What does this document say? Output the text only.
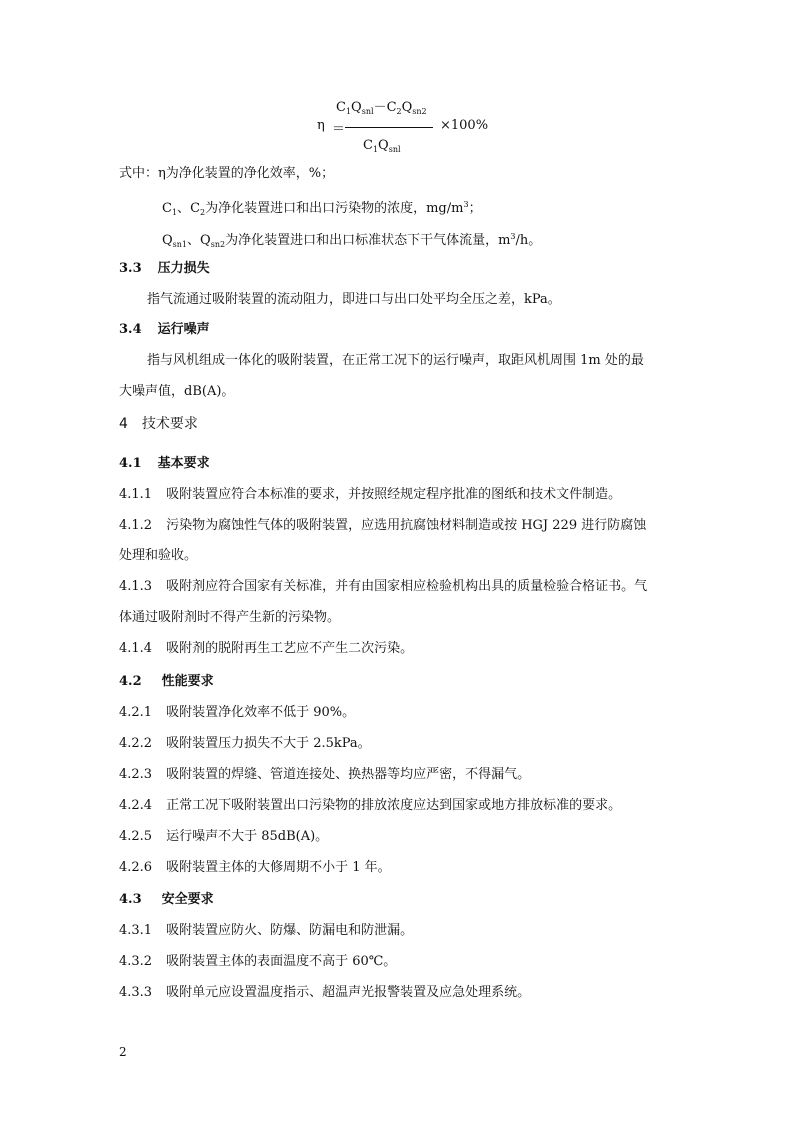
η ＝
$C_1Q_{snl}-C_2Q_{sn2}$
$C_1Q_{snl}$
×100%
式中：η为净化装置的净化效率，%；
$C_1$、$C_2$为净化装置进口和出口污染物的浓度，$mg/m^3$；
$Q_{sn1}$、$Q_{sn2}$为净化装置进口和出口标准状态下干气体流量，$m^3/h$。
3.3 压力损失
指气流通过吸附装置的流动阻力，即进口与出口处平均全压之差，kPa。
3.4 运行噪声
指与风机组成一体化的吸附装置，在正常工况下的运行噪声，取距风机周围 1m 处的最
大噪声值，dB(A)。
4 技术要求
4.1 基本要求
4.1.1 吸附装置应符合本标准的要求，并按照经规定程序批准的图纸和技术文件制造。
4.1.2 污染物为腐蚀性气体的吸附装置，应选用抗腐蚀材料制造或按 HGJ 229 进行防腐蚀
处理和验收。
4.1.3 吸附剂应符合国家有关标准，并有由国家相应检验机构出具的质量检验合格证书。气
体通过吸附剂时不得产生新的污染物。
4.1.4 吸附剂的脱附再生工艺应不产生二次污染。
4.2 性能要求
4.2.1 吸附装置净化效率不低于 90%。
4.2.2 吸附装置压力损失不大于 2.5kPa。
4.2.3 吸附装置的焊缝、管道连接处、换热器等均应严密，不得漏气。
4.2.4 正常工况下吸附装置出口污染物的排放浓度应达到国家或地方排放标准的要求。
4.2.5 运行噪声不大于 85dB(A)。
4.2.6 吸附装置主体的大修周期不小于 1 年。
4.3 安全要求
4.3.1 吸附装置应防火、防爆、防漏电和防泄漏。
4.3.2 吸附装置主体的表面温度不高于 60℃。
4.3.3 吸附单元应设置温度指示、超温声光报警装置及应急处理系统。
2
